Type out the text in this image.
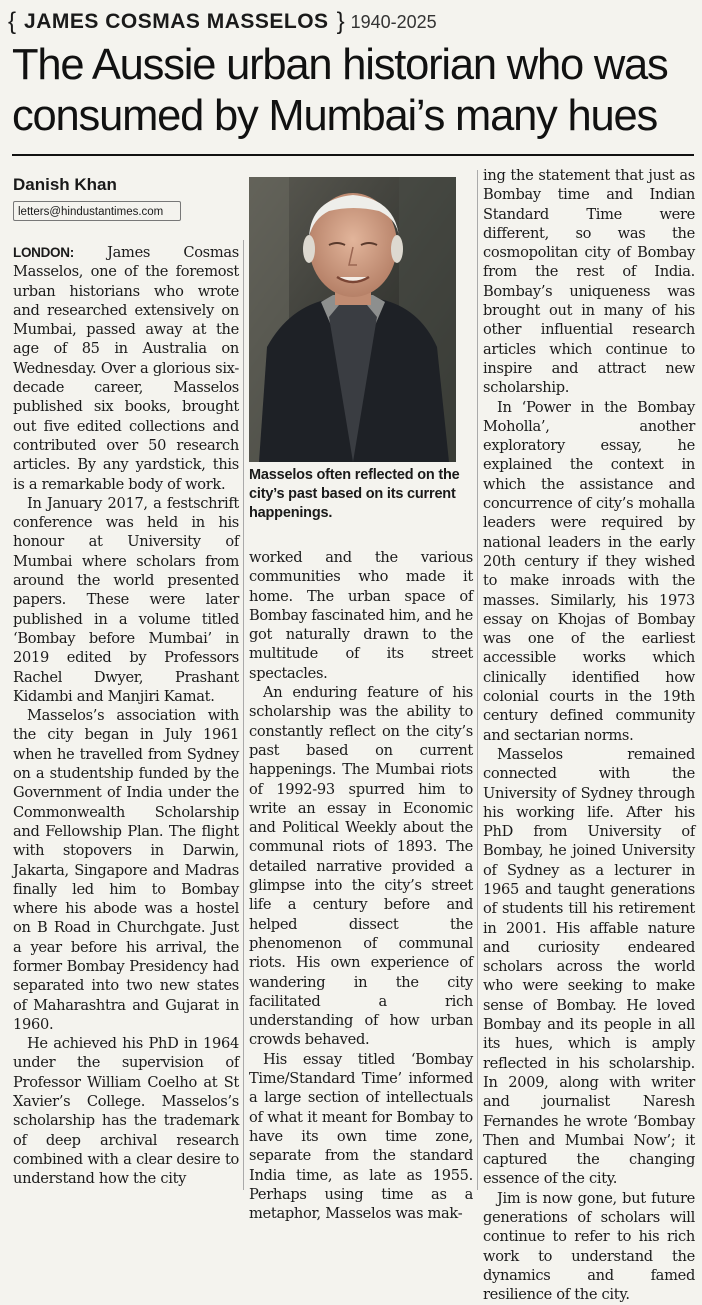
{ JAMES COSMAS MASSELOS } 1940-2025
The Aussie urban historian who was consumed by Mumbai’s many hues
Danish Khan
letters@hindustantimes.com

LONDON: James Cosmas Masselos, one of the foremost urban historians who wrote and researched extensively on Mumbai, passed away at the age of 85 in Australia on Wednesday. Over a glorious six-decade career, Masselos published six books, brought out five edited collections and contributed over 50 research articles. By any yardstick, this is a remarkable body of work.

In January 2017, a festschrift conference was held in his honour at University of Mumbai where scholars from around the world presented papers. These were later published in a volume titled ‘Bombay before Mumbai’ in 2019 edited by Professors Rachel Dwyer, Prashant Kidambi and Manjiri Kamat.

Masselos’s association with the city began in July 1961 when he travelled from Sydney on a studentship funded by the Government of India under the Commonwealth Scholarship and Fellowship Plan. The flight with stopovers in Darwin, Jakarta, Singapore and Madras finally led him to Bombay where his abode was a hostel on B Road in Churchgate. Just a year before his arrival, the former Bombay Presidency had separated into two new states of Maharashtra and Gujarat in 1960.

He achieved his PhD in 1964 under the supervision of Professor William Coelho at St Xavier’s College. Masselos’s scholarship has the trademark of deep archival research combined with a clear desire to understand how the city

Masselos often reflected on the city’s past based on its current happenings.

worked and the various communities who made it home. The urban space of Bombay fascinated him, and he got naturally drawn to the multitude of its street spectacles.

An enduring feature of his scholarship was the ability to constantly reflect on the city’s past based on current happenings. The Mumbai riots of 1992-93 spurred him to write an essay in Economic and Political Weekly about the communal riots of 1893. The detailed narrative provided a glimpse into the city’s street life a century before and helped dissect the phenomenon of communal riots. His own experience of wandering in the city facilitated a rich understanding of how urban crowds behaved.

His essay titled ‘Bombay Time/Standard Time’ informed a large section of intellectuals of what it meant for Bombay to have its own time zone, separate from the standard India time, as late as 1955. Perhaps using time as a metaphor, Masselos was mak-

ing the statement that just as Bombay time and Indian Standard Time were different, so was the cosmopolitan city of Bombay from the rest of India. Bombay’s uniqueness was brought out in many of his other influential research articles which continue to inspire and attract new scholarship.

In ‘Power in the Bombay Moholla’, another exploratory essay, he explained the context in which the assistance and concurrence of city’s mohalla leaders were required by national leaders in the early 20th century if they wished to make inroads with the masses. Similarly, his 1973 essay on Khojas of Bombay was one of the earliest accessible works which clinically identified how colonial courts in the 19th century defined community and sectarian norms.

Masselos remained connected with the University of Sydney through his working life. After his PhD from University of Bombay, he joined University of Sydney as a lecturer in 1965 and taught generations of students till his retirement in 2001. His affable nature and curiosity endeared scholars across the world who were seeking to make sense of Bombay. He loved Bombay and its people in all its hues, which is amply reflected in his scholarship. In 2009, along with writer and journalist Naresh Fernandes he wrote ‘Bombay Then and Mumbai Now’; it captured the changing essence of the city.

Jim is now gone, but future generations of scholars will continue to refer to his rich work to understand the dynamics and famed resilience of the city.
